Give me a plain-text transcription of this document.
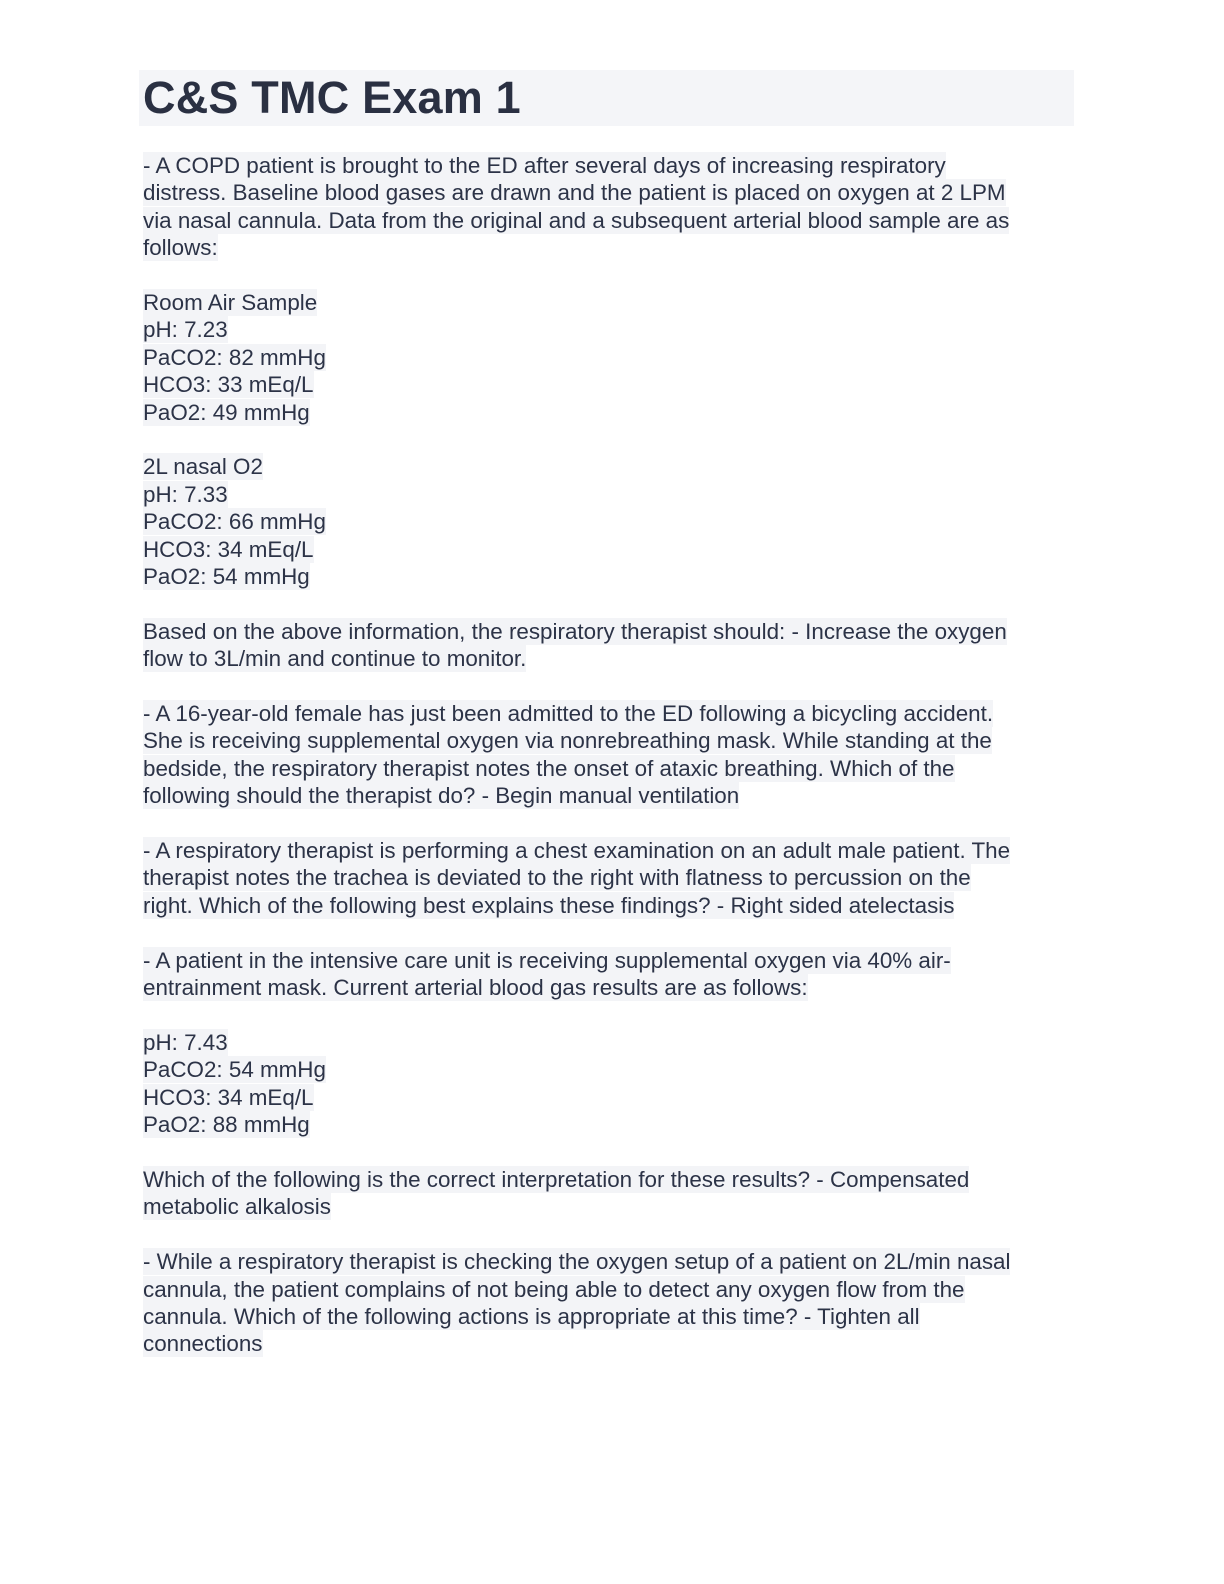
C&S TMC Exam 1
- A COPD patient is brought to the ED after several days of increasing respiratory
distress. Baseline blood gases are drawn and the patient is placed on oxygen at 2 LPM
via nasal cannula. Data from the original and a subsequent arterial blood sample are as
follows:
Room Air Sample
pH: 7.23
PaCO2: 82 mmHg
HCO3: 33 mEq/L
PaO2: 49 mmHg
2L nasal O2
pH: 7.33
PaCO2: 66 mmHg
HCO3: 34 mEq/L
PaO2: 54 mmHg
Based on the above information, the respiratory therapist should: - Increase the oxygen
flow to 3L/min and continue to monitor.
- A 16-year-old female has just been admitted to the ED following a bicycling accident.
She is receiving supplemental oxygen via nonrebreathing mask. While standing at the
bedside, the respiratory therapist notes the onset of ataxic breathing. Which of the
following should the therapist do? - Begin manual ventilation
- A respiratory therapist is performing a chest examination on an adult male patient. The
therapist notes the trachea is deviated to the right with flatness to percussion on the
right. Which of the following best explains these findings? - Right sided atelectasis
- A patient in the intensive care unit is receiving supplemental oxygen via 40% air-
entrainment mask. Current arterial blood gas results are as follows:
pH: 7.43
PaCO2: 54 mmHg
HCO3: 34 mEq/L
PaO2: 88 mmHg
Which of the following is the correct interpretation for these results? - Compensated
metabolic alkalosis
- While a respiratory therapist is checking the oxygen setup of a patient on 2L/min nasal
cannula, the patient complains of not being able to detect any oxygen flow from the
cannula. Which of the following actions is appropriate at this time? - Tighten all
connections
